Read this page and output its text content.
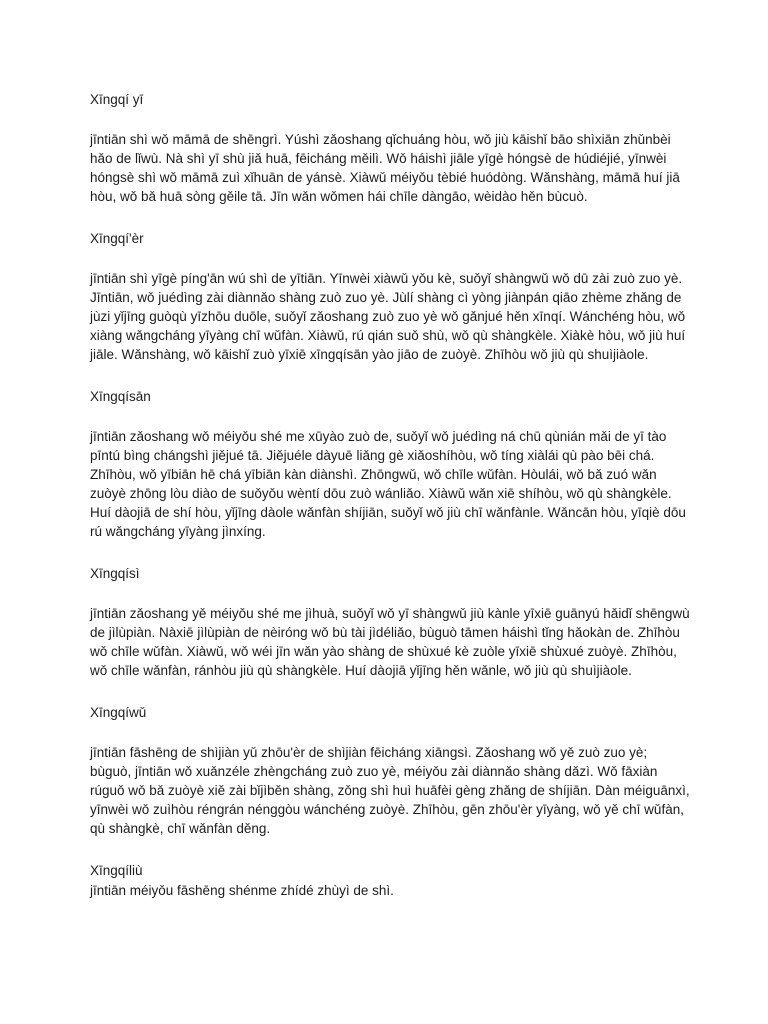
Xīngqí yī

jīntiān shì wǒ māmā de shēngrì. Yúshì zǎoshang qǐchuáng hòu, wǒ jiù kāishǐ bāo shìxiān zhǔnbèi hǎo de lǐwù. Nà shì yī shù jiǎ huā, fēicháng měilì. Wǒ háishì jiāle yīgè hóngsè de húdiéjié, yīnwèi hóngsè shì wǒ māmā zuì xǐhuān de yánsè. Xiàwǔ méiyǒu tèbié huódòng. Wǎnshàng, māmā huí jiā hòu, wǒ bǎ huā sòng gěile tā. Jīn wǎn wǒmen hái chīle dàngāo, wèidào hěn bùcuò.

Xīngqí'èr

jīntiān shì yīgè píng'ān wú shì de yītiān. Yīnwèi xiàwǔ yǒu kè, suǒyǐ shàngwǔ wǒ dū zài zuò zuo yè. Jīntiān, wǒ juédìng zài diànnǎo shàng zuò zuo yè. Jùlí shàng cì yòng jiànpán qiāo zhème zhǎng de jùzi yǐjīng guòqù yīzhōu duōle, suǒyǐ zǎoshang zuò zuo yè wǒ gǎnjué hěn xīnqí. Wánchéng hòu, wǒ xiàng wǎngcháng yīyàng chī wǔfàn. Xiàwǔ, rú qián suǒ shù, wǒ qù shàngkèle. Xiàkè hòu, wǒ jiù huí jiāle. Wǎnshàng, wǒ kāishǐ zuò yīxiē xīngqísān yào jiāo de zuòyè. Zhīhòu wǒ jiù qù shuìjiàole.

Xīngqísān

jīntiān zǎoshang wǒ méiyǒu shé me xūyào zuò de, suǒyǐ wǒ juédìng ná chū qùnián mǎi de yī tào pīntú bìng chángshì jiějué tā. Jiějuéle dàyuē liǎng gè xiǎoshíhòu, wǒ tíng xiàlái qù pào bēi chá. Zhīhòu, wǒ yībiān hē chá yībiān kàn diànshì. Zhōngwǔ, wǒ chīle wǔfàn. Hòulái, wǒ bǎ zuó wǎn zuòyè zhōng lòu diào de suǒyǒu wèntí dōu zuò wánliǎo. Xiàwǔ wǎn xiē shíhòu, wǒ qù shàngkèle. Huí dàojiā de shí hòu, yǐjīng dàole wǎnfàn shíjiān, suǒyǐ wǒ jiù chī wǎnfànle. Wǎncān hòu, yīqiè dōu rú wǎngcháng yīyàng jìnxíng.

Xīngqísì

jīntiān zǎoshang yě méiyǒu shé me jìhuà, suǒyǐ wǒ yī shàngwǔ jiù kànle yīxiē guānyú hǎidǐ shēngwù de jìlùpiàn. Nàxiē jìlùpiàn de nèiróng wǒ bù tài jìdéliǎo, bùguò tāmen háishì tǐng hǎokàn de. Zhīhòu wǒ chīle wǔfàn. Xiàwǔ, wǒ wéi jīn wǎn yào shàng de shùxué kè zuòle yīxiē shùxué zuòyè. Zhīhòu, wǒ chīle wǎnfàn, ránhòu jiù qù shàngkèle. Huí dàojiā yǐjīng hěn wǎnle, wǒ jiù qù shuìjiàole.

Xīngqíwǔ

jīntiān fāshēng de shìjiàn yǔ zhōu'èr de shìjiàn fēicháng xiāngsì. Zǎoshang wǒ yě zuò zuo yè; bùguò, jīntiān wǒ xuǎnzéle zhèngcháng zuò zuo yè, méiyǒu zài diànnǎo shàng dǎzì. Wǒ fāxiàn rúguǒ wǒ bǎ zuòyè xiě zài bǐjìběn shàng, zǒng shì huì huāfèi gèng zhǎng de shíjiān. Dàn méiguānxì, yīnwèi wǒ zuìhòu réngrán nénggòu wánchéng zuòyè. Zhīhòu, gēn zhōu'èr yīyàng, wǒ yě chī wǔfàn, qù shàngkè, chī wǎnfàn děng.

Xīngqíliù

jīntiān méiyǒu fāshēng shénme zhídé zhùyì de shì.
